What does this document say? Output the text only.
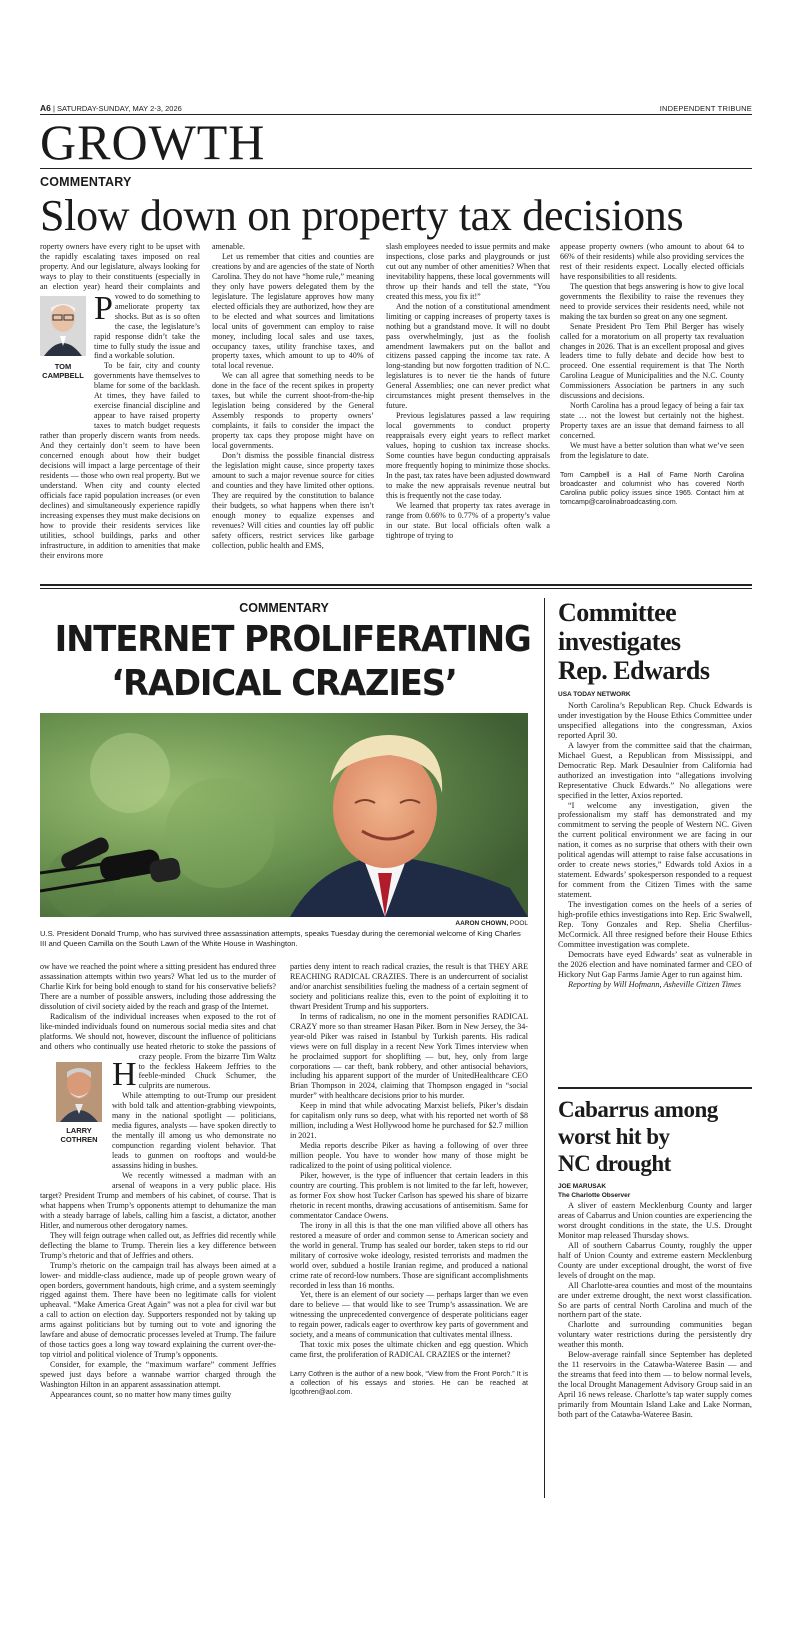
A6 | SATURDAY-SUNDAY, MAY 2-3, 2026	INDEPENDENT TRIBUNE
GROWTH
COMMENTARY
Slow down on property tax decisions

P
roperty owners have every right to be upset with the rapidly escalating taxes imposed on real property. And our legislature, always looking for ways to play to their constituents (especially in an election year) heard their complaints and vowed to do something to ameliorate property tax shocks. But as is so often the case, the legislature’s rapid response didn’t take the time to fully study the issue and find a workable solution.

To be fair, city and county governments have themselves to blame for some of the backlash. At times, they have failed to exercise financial discipline and appear to have raised property taxes to match budget requests rather than properly discern wants from needs. And they certainly don’t seem to have been concerned enough about how their budget decisions will impact a large percentage of their residents — those who own real property. But we understand. When city and county elected officials face rapid population increases (or even declines) and simultaneously experience rapidly increasing expenses they must make decisions on how to provide their residents services like utilities, school buildings, parks and other infrastructure, in addition to amenities that make their environs more

TOM
CAMPBELL

amenable.

Let us remember that cities and counties are creations by and are agencies of the state of North Carolina. They do not have “home rule,” meaning they only have powers delegated them by the legislature. The legislature approves how many elected officials they are authorized, how they are to be elected and what sources and limitations local units of government can employ to raise money, including local sales and use taxes, occupancy taxes, utility franchise taxes, and property taxes, which amount to up to 40% of total local revenue.

We can all agree that something needs to be done in the face of the recent spikes in property taxes, but while the current shoot-from-the-hip legislation being considered by the General Assembly responds to property owners’ complaints, it fails to consider the impact the property tax caps they propose might have on local governments.

Don’t dismiss the possible financial distress the legislation might cause, since property taxes amount to such a major revenue source for cities and counties and they have limited other options. They are required by the constitution to balance their budgets, so what happens when there isn’t enough money to equalize expenses and revenues? Will cities and counties lay off public safety officers, restrict services like garbage collection, public health and EMS,

slash employees needed to issue permits and make inspections, close parks and playgrounds or just cut out any number of other amenities? When that inevitability happens, these local governments will throw up their hands and tell the state, “You created this mess, you fix it!”

And the notion of a constitutional amendment limiting or capping increases of property taxes is nothing but a grandstand move. It will no doubt pass overwhelmingly, just as the foolish amendment lawmakers put on the ballot and citizens passed capping the income tax rate. A long-standing but now forgotten tradition of N.C. legislatures is to never tie the hands of future General Assemblies; one can never predict what circumstances might present themselves in the future.

Previous legislatures passed a law requiring local governments to conduct property reappraisals every eight years to reflect market values, hoping to cushion tax increase shocks. Some counties have begun conducting appraisals more frequently hoping to minimize those shocks. In the past, tax rates have been adjusted downward to make the new appraisals revenue neutral but this is frequently not the case today.

We learned that property tax rates average in range from 0.66% to 0.77% of a property’s value in our state. But local officials often walk a tightrope of trying to

appease property owners (who amount to about 64 to 66% of their residents) while also providing services the rest of their residents expect. Locally elected officials have responsibilities to all residents.

The question that begs answering is how to give local governments the flexibility to raise the revenues they need to provide services their residents need, while not making the tax burden so great on any one segment.

Senate President Pro Tem Phil Berger has wisely called for a moratorium on all property tax revaluation changes in 2026. That is an excellent proposal and gives leaders time to fully debate and decide how best to proceed. One essential requirement is that The North Carolina League of Municipalities and the N.C. County Commissioners Association be partners in any such discussions and decisions.

North Carolina has a proud legacy of being a fair tax state … not the lowest but certainly not the highest. Property taxes are an issue that demand fairness to all concerned.

We must have a better solution than what we’ve seen from the legislature to date.

Tom Campbell is a Hall of Fame North Carolina broadcaster and columnist who has covered North Carolina public policy issues since 1965. Contact him at tomcamp@carolinabroadcasting.com.

COMMENTARY
INTERNET PROLIFERATING
‘RADICAL CRAZIES’
AARON CHOWN, POOL
U.S. President Donald Trump, who has survived three assassination attempts, speaks Tuesday during the ceremonial welcome of King Charles III and Queen Camilla on the South Lawn of the White House in Washington.

H
ow have we reached the point where a sitting president has endured three assassination attempts within two years? What led us to the murder of Charlie Kirk for being bold enough to stand for his conservative beliefs? There are a number of possible answers, including those addressing the dissolution of civil society aided by the reach and grasp of the Internet.

Radicalism of the individual increases when exposed to the rot of like-minded individuals found on numerous social media sites and chat platforms. We should not, however, discount the influence of politicians and others who continually use heated rhetoric to stoke the passions of crazy people. From the bizarre Tim Waltz to the feckless Hakeem Jeffries to the feeble-minded Chuck Schumer, the culprits are numerous.

While attempting to out-Trump our president with bold talk and attention-grabbing viewpoints, many in the national spotlight — politicians, media figures, analysts — have spoken directly to the mentally ill among us who demonstrate no compunction regarding violent behavior. That leads to gunmen on rooftops and would-be assassins hiding in bushes.

We recently witnessed a madman with an arsenal of weapons in a very public place. His target? President Trump and members of his cabinet, of course. That is what happens when Trump’s opponents attempt to dehumanize the man with a steady barrage of labels, calling him a fascist, a dictator, another Hitler, and numerous other derogatory names.

They will feign outrage when called out, as Jeffries did recently while deflecting the blame to Trump. Therein lies a key difference between Trump’s rhetoric and that of Jeffries and others.

Trump’s rhetoric on the campaign trail has always been aimed at a lower- and middle-class audience, made up of people grown weary of open borders, government handouts, high crime, and a system seemingly rigged against them. There have been no legitimate calls for violent upheaval. “Make America Great Again” was not a plea for civil war but a call to action on election day. Supporters responded not by taking up arms against politicians but by turning out to vote and ignoring the lawfare and abuse of democratic processes leveled at Trump. The failure of those tactics goes a long way toward explaining the current over-the-top vitriol and political violence of Trump’s opponents.

Consider, for example, the “maximum warfare” comment Jeffries spewed just days before a wannabe warrior charged through the Washington Hilton in an apparent assassination attempt.

Appearances count, so no matter how many times guilty

LARRY
COTHREN

parties deny intent to reach radical crazies, the result is that THEY ARE REACHING RADICAL CRAZIES. There is an undercurrent of socialist and/or anarchist sensibilities fueling the madness of a certain segment of society and politicians realize this, even to the point of exploiting it to thwart President Trump and his supporters.

In terms of radicalism, no one in the moment personifies RADICAL CRAZY more so than streamer Hasan Piker. Born in New Jersey, the 34-year-old Piker was raised in Istanbul by Turkish parents. His radical views were on full display in a recent New York Times interview when he proclaimed support for shoplifting — but, hey, only from large corporations — car theft, bank robbery, and other antisocial behaviors, including his apparent support of the murder of UnitedHealthcare CEO Brian Thompson in 2024, claiming that Thompson engaged in “social murder” with healthcare decisions prior to his murder.

Keep in mind that while advocating Marxist beliefs, Piker’s disdain for capitalism only runs so deep, what with his reported net worth of $8 million, including a West Hollywood home he purchased for $2.7 million in 2021.

Media reports describe Piker as having a following of over three million people. You have to wonder how many of those might be radicalized to the point of using political violence.

Piker, however, is the type of influencer that certain leaders in this country are courting. This problem is not limited to the far left, however, as former Fox show host Tucker Carlson has spewed his share of bizarre rhetoric in recent months, drawing accusations of antisemitism. Same for commentator Candace Owens.

The irony in all this is that the one man vilified above all others has restored a measure of order and common sense to American society and the world in general. Trump has sealed our border, taken steps to rid our military of corrosive woke ideology, resisted terrorists and madmen the world over, subdued a hostile Iranian regime, and produced a national crime rate of record-low numbers. Those are significant accomplishments recorded in less than 16 months.

Yet, there is an element of our society — perhaps larger than we even dare to believe — that would like to see Trump’s assassination. We are witnessing the unprecedented convergence of desperate politicians eager to regain power, radicals eager to overthrow key parts of government and society, and a means of communication that cultivates mental illness.

That toxic mix poses the ultimate chicken and egg question. Which came first, the proliferation of RADICAL CRAZIES or the internet?

Larry Cothren is the author of a new book, “View from the Front Porch.” It is a collection of his essays and stories. He can be reached at lgcothren@aol.com.

Committee
investigates
Rep. Edwards
USA TODAY NETWORK

North Carolina’s Republican Rep. Chuck Edwards is under investigation by the House Ethics Committee under unspecified allegations into the congressman, Axios reported April 30.

A lawyer from the committee said that the chairman, Michael Guest, a Republican from Mississippi, and Democratic Rep. Mark Desaulnier from California had authorized an investigation into “allegations involving Representative Chuck Edwards.” No allegations were specified in the letter, Axios reported.

“I welcome any investigation, given the professionalism my staff has demonstrated and my commitment to serving the people of Western NC. Given the current political environment we are facing in our nation, it comes as no surprise that others with their own political agendas will attempt to raise false accusations in order to create news stories,” Edwards told Axios in a statement. Edwards’ spokesperson responded to a request for comment from the Citizen Times with the same statement.

The investigation comes on the heels of a series of high-profile ethics investigations into Rep. Eric Swalwell, Rep. Tony Gonzales and Rep. Shelia Cherfilus-McCormick. All three resigned before their House Ethics Committee investigation was complete.

Democrats have eyed Edwards’ seat as vulnerable in the 2026 election and have nominated farmer and CEO of Hickory Nut Gap Farms Jamie Ager to run against him.

Reporting by Will Hofmann, Asheville Citizen Times

Cabarrus among
worst hit by
NC drought
JOE MARUSAK
The Charlotte Observer

A sliver of eastern Mecklenburg County and larger areas of Cabarrus and Union counties are experiencing the worst drought conditions in the state, the U.S. Drought Monitor map released Thursday shows.

All of southern Cabarrus County, roughly the upper half of Union County and extreme eastern Mecklenburg County are under exceptional drought, the worst of five levels of drought on the map.

All Charlotte-area counties and most of the mountains are under extreme drought, the next worst classification. So are parts of central North Carolina and much of the northern part of the state.

Charlotte and surrounding communities began voluntary water restrictions during the persistently dry weather this month.

Below-average rainfall since September has depleted the 11 reservoirs in the Catawba-Wateree Basin — and the streams that feed into them — to below normal levels, the local Drought Management Advisory Group said in an April 16 news release. Charlotte’s tap water supply comes primarily from Mountain Island Lake and Lake Norman, both part of the Catawba-Wateree Basin.
